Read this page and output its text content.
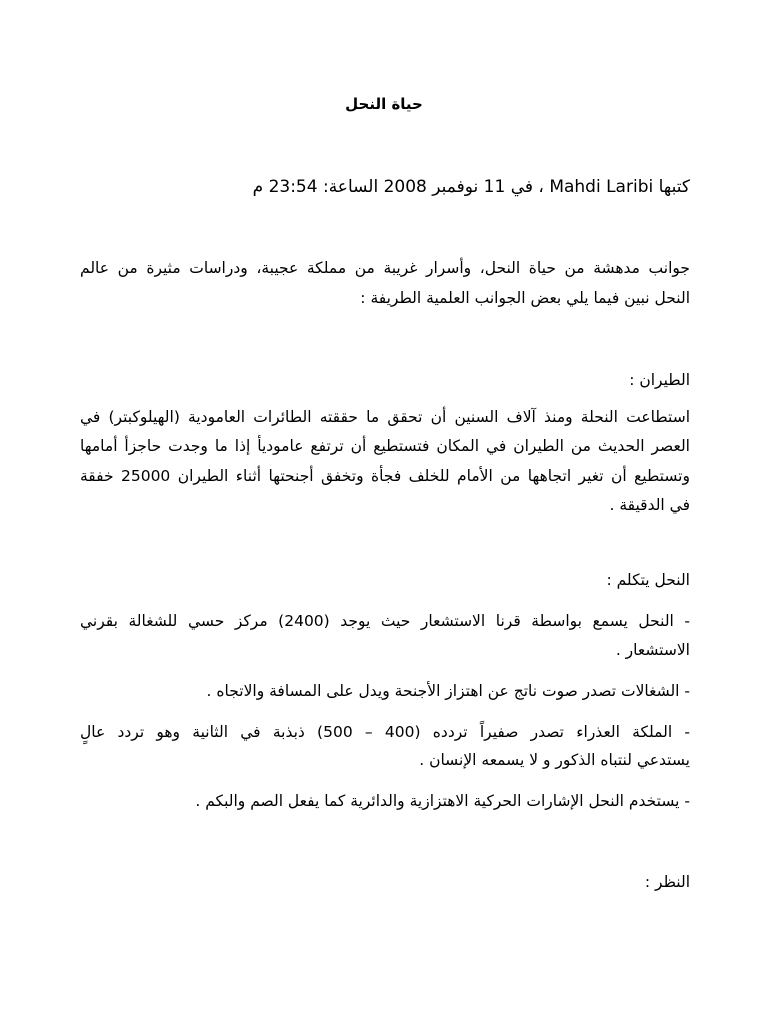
حياة النحل
كتبها Mahdi Laribi ، في 11 نوفمبر 2008 الساعة: 23:54 م
جوانب مدهشة من حياة النحل، وأسرار غريبة من مملكة عجيبة، ودراسات مثيرة من عالم
النحل نبين فيما يلي بعض الجوانب العلمية الطريفة :
الطيران :
استطاعت النحلة ومنذ آلاف السنين أن تحقق ما حققته الطائرات العامودية (الهيلوكبتر) في
العصر الحديث من الطيران في المكان فتستطيع أن ترتفع عاموديأ إذا ما وجدت حاجزأ أمامها
وتستطيع أن تغير اتجاهها من الأمام للخلف فجأة وتخفق أجنحتها أثناء الطيران 25000 خفقة
في الدقيقة .
النحل يتكلم :
- النحل يسمع بواسطة قرنا الاستشعار حيث يوجد (2400) مركز حسي للشغالة بقرني
الاستشعار .
- الشغالات تصدر صوت ناتج عن اهتزاز الأجنحة ويدل على المسافة والاتجاه .
- الملكة العذراء تصدر صفيراً تردده (400 – 500) ذبذبة في الثانية وهو تردد عالٍ
يستدعي لنتباه الذكور و لا يسمعه الإنسان .
- يستخدم النحل الإشارات الحركية الاهتزازية والدائرية كما يفعل الصم والبكم .
النظر :
